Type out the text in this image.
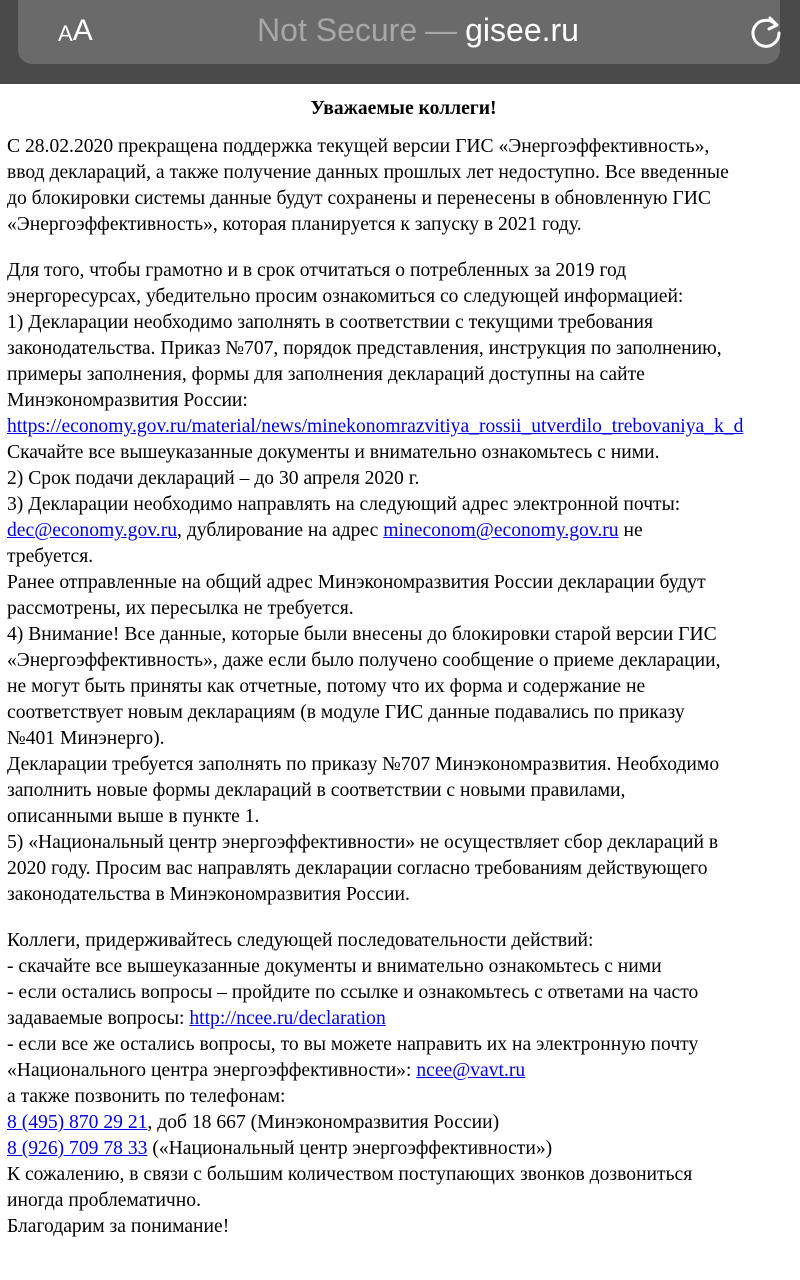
A A	Not Secure — gisee.ru
Уважаемые коллеги!
С 28.02.2020 прекращена поддержка текущей версии ГИС «Энергоэффективность»,
ввод деклараций, а также получение данных прошлых лет недоступно. Все введенные
до блокировки системы данные будут сохранены и перенесены в обновленную ГИС
«Энергоэффективность», которая планируется к запуску в 2021 году.
Для того, чтобы грамотно и в срок отчитаться о потребленных за 2019 год
энергоресурсах, убедительно просим ознакомиться со следующей информацией:
1) Декларации необходимо заполнять в соответствии с текущими требования
законодательства. Приказ №707, порядок представления, инструкция по заполнению,
примеры заполнения, формы для заполнения деклараций доступны на сайте
Минэкономразвития России:
https://economy.gov.ru/material/news/minekonomrazvitiya_rossii_utverdilo_trebovaniya_k_d
Скачайте все вышеуказанные документы и внимательно ознакомьтесь с ними.
2) Срок подачи деклараций – до 30 апреля 2020 г.
3) Декларации необходимо направлять на следующий адрес электронной почты:
dec@economy.gov.ru, дублирование на адрес mineconom@economy.gov.ru не
требуется.
Ранее отправленные на общий адрес Минэкономразвития России декларации будут
рассмотрены, их пересылка не требуется.
4) Внимание! Все данные, которые были внесены до блокировки старой версии ГИС
«Энергоэффективность», даже если было получено сообщение о приеме декларации,
не могут быть приняты как отчетные, потому что их форма и содержание не
соответствует новым декларациям (в модуле ГИС данные подавались по приказу
№401 Минэнерго).
Декларации требуется заполнять по приказу №707 Минэкономразвития. Необходимо
заполнить новые формы деклараций в соответствии с новыми правилами,
описанными выше в пункте 1.
5) «Национальный центр энергоэффективности» не осуществляет сбор деклараций в
2020 году. Просим вас направлять декларации согласно требованиям действующего
законодательства в Минэкономразвития России.
Коллеги, придерживайтесь следующей последовательности действий:
- скачайте все вышеуказанные документы и внимательно ознакомьтесь с ними
- если остались вопросы – пройдите по ссылке и ознакомьтесь с ответами на часто
задаваемые вопросы: http://ncee.ru/declaration
- если все же остались вопросы, то вы можете направить их на электронную почту
«Национального центра энергоэффективности»: ncee@vavt.ru
а также позвонить по телефонам:
8 (495) 870 29 21, доб 18 667 (Минэкономразвития России)
8 (926) 709 78 33 («Национальный центр энергоэффективности»)
К сожалению, в связи с большим количеством поступающих звонков дозвониться
иногда проблематично.
Благодарим за понимание!
